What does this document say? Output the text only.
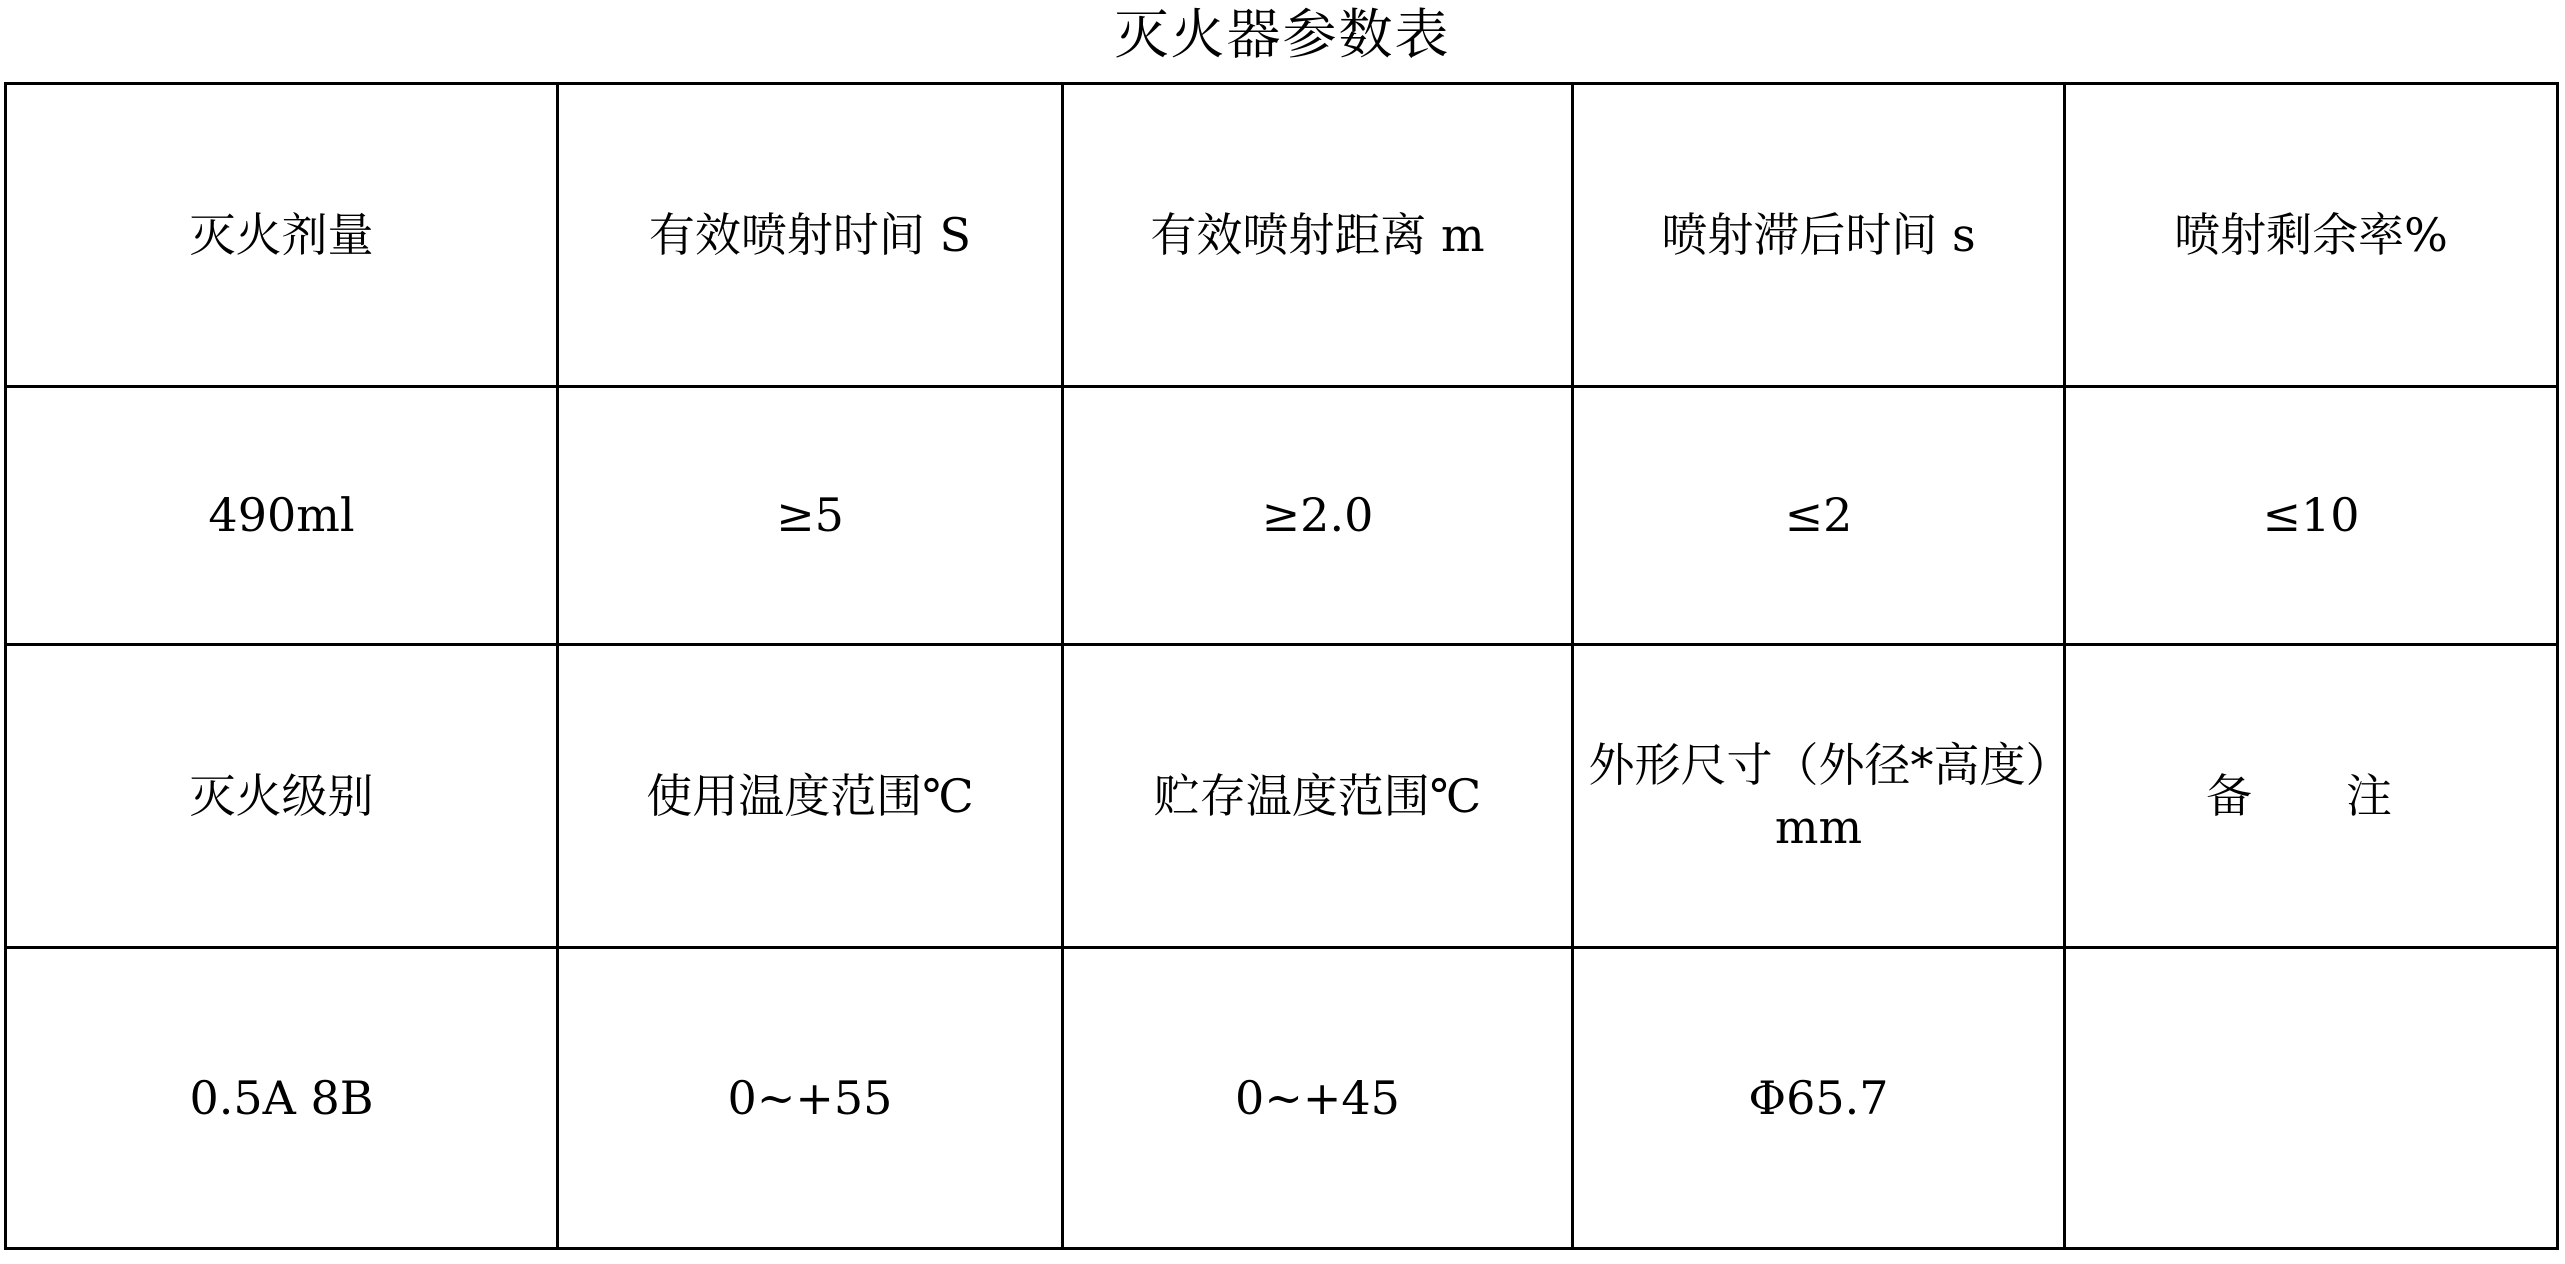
灭火器参数表
灭火剂量	有效喷射时间 S	有效喷射距离 m	喷射滞后时间 s	喷射剩余率%
490ml	≥5	≥2.0	≤2	≤10
灭火级别	使用温度范围℃	贮存温度范围℃	外形尺寸（外径*高度）mm	备　注
0.5A 8B	0~+55	0~+45	Φ65.7	
